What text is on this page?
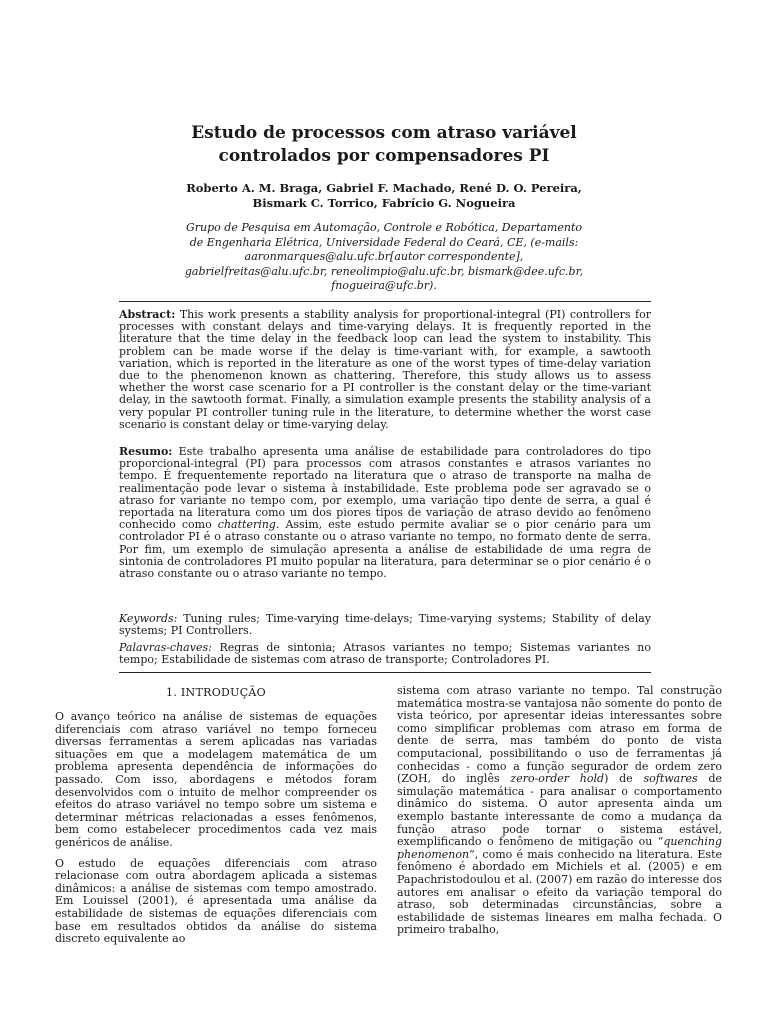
Estudo de processos com atraso variável
controlados por compensadores PI
Roberto A. M. Braga, Gabriel F. Machado, René D. O. Pereira,
Bismark C. Torrico, Fabrício G. Nogueira
Grupo de Pesquisa em Automação, Controle e Robótica, Departamento
de Engenharia Elétrica, Universidade Federal do Ceará, CE, (e-mails:
aaronmarques@alu.ufc.br[autor correspondente],
gabrielfreitas@alu.ufc.br, reneolimpio@alu.ufc.br, bismark@dee.ufc.br,
fnogueira@ufc.br).
Abstract: This work presents a stability analysis for proportional-integral (PI) controllers for processes with constant delays and time-varying delays. It is frequently reported in the literature that the time delay in the feedback loop can lead the system to instability. This problem can be made worse if the delay is time-variant with, for example, a sawtooth variation, which is reported in the literature as one of the worst types of time-delay variation due to the phenomenon known as chattering. Therefore, this study allows us to assess whether the worst case scenario for a PI controller is the constant delay or the time-variant delay, in the sawtooth format. Finally, a simulation example presents the stability analysis of a very popular PI controller tuning rule in the literature, to determine whether the worst case scenario is constant delay or time-varying delay.
Resumo: Este trabalho apresenta uma análise de estabilidade para controladores do tipo proporcional-integral (PI) para processos com atrasos constantes e atrasos variantes no tempo. É frequentemente reportado na literatura que o atraso de transporte na malha de realimentação pode levar o sistema à instabilidade. Este problema pode ser agravado se o atraso for variante no tempo com, por exemplo, uma variação tipo dente de serra, a qual é reportada na literatura como um dos piores tipos de variação de atraso devido ao fenômeno conhecido como chattering. Assim, este estudo permite avaliar se o pior cenário para um controlador PI é o atraso constante ou o atraso variante no tempo, no formato dente de serra. Por fim, um exemplo de simulação apresenta a análise de estabilidade de uma regra de sintonia de controladores PI muito popular na literatura, para determinar se o pior cenário é o atraso constante ou o atraso variante no tempo.
Keywords: Tuning rules; Time-varying time-delays; Time-varying systems; Stability of delay systems; PI Controllers.
Palavras-chaves: Regras de sintonia; Atrasos variantes no tempo; Sistemas variantes no tempo; Estabilidade de sistemas com atraso de transporte; Controladores PI.
1. INTRODUÇÃO

O avanço teórico na análise de sistemas de equações diferenciais com atraso variável no tempo forneceu diversas ferramentas a serem aplicadas nas variadas situações em que a modelagem matemática de um problema apresenta dependência de informações do passado. Com isso, abordagens e métodos foram desenvolvidos com o intuito de melhor compreender os efeitos do atraso variável no tempo sobre um sistema e determinar métricas relacionadas a esses fenômenos, bem como estabelecer procedimentos cada vez mais genéricos de análise.

O estudo de equações diferenciais com atraso relacionase com outra abordagem aplicada a sistemas dinâmicos: a análise de sistemas com tempo amostrado. Em Louissel (2001), é apresentada uma análise da estabilidade de sistemas de equações diferenciais com base em resultados obtidos da análise do sistema discreto equivalente ao

sistema com atraso variante no tempo. Tal construção matemática mostra-se vantajosa não somente do ponto de vista teórico, por apresentar ideias interessantes sobre como simplificar problemas com atraso em forma de dente de serra, mas também do ponto de vista computacional, possibilitando o uso de ferramentas já conhecidas - como a função segurador de ordem zero (ZOH, do inglês zero-order hold) de softwares de simulação matemática - para analisar o comportamento dinâmico do sistema. O autor apresenta ainda um exemplo bastante interessante de como a mudança da função atraso pode tornar o sistema estável, exemplificando o fenômeno de mitigação ou “quenching phenomenon”, como é mais conhecido na literatura. Este fenômeno é abordado em Michiels et al. (2005) e em Papachristodoulou et al. (2007) em razão do interesse dos autores em analisar o efeito da variação temporal do atraso, sob determinadas circunstâncias, sobre a estabilidade de sistemas lineares em malha fechada. O primeiro trabalho,
